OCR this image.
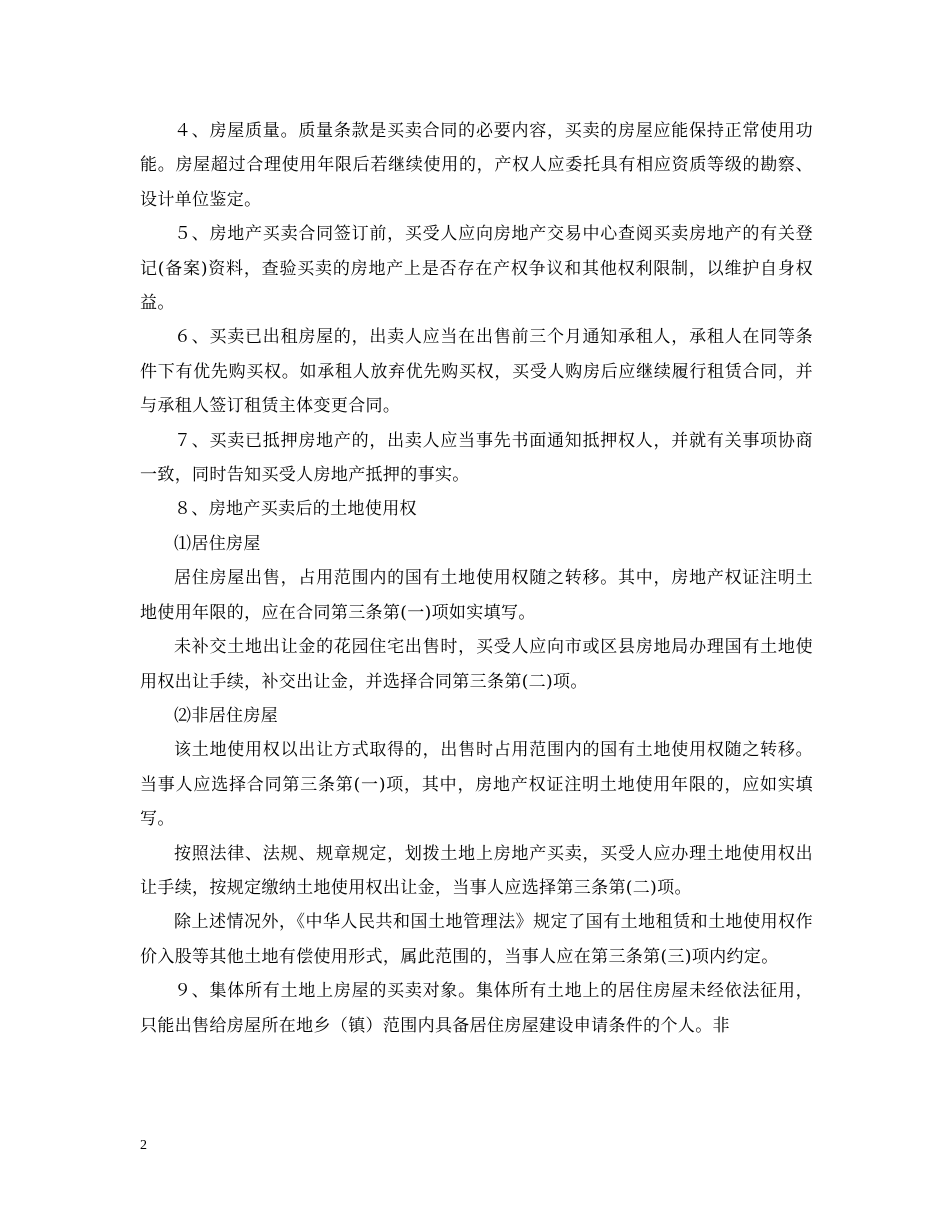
４、房屋质量。质量条款是买卖合同的必要内容，买卖的房屋应能保持正常使用功能。房屋超过合理使用年限后若继续使用的，产权人应委托具有相应资质等级的勘察、设计单位鉴定。

５、房地产买卖合同签订前，买受人应向房地产交易中心查阅买卖房地产的有关登记(备案)资料，查验买卖的房地产上是否存在产权争议和其他权利限制，以维护自身权益。

６、买卖已出租房屋的，出卖人应当在出售前三个月通知承租人，承租人在同等条件下有优先购买权。如承租人放弃优先购买权，买受人购房后应继续履行租赁合同，并与承租人签订租赁主体变更合同。

７、买卖已抵押房地产的，出卖人应当事先书面通知抵押权人，并就有关事项协商一致，同时告知买受人房地产抵押的事实。

８、房地产买卖后的土地使用权

⑴居住房屋

居住房屋出售，占用范围内的国有土地使用权随之转移。其中，房地产权证注明土地使用年限的，应在合同第三条第(一)项如实填写。

未补交土地出让金的花园住宅出售时，买受人应向市或区县房地局办理国有土地使用权出让手续，补交出让金，并选择合同第三条第(二)项。

⑵非居住房屋

该土地使用权以出让方式取得的，出售时占用范围内的国有土地使用权随之转移。当事人应选择合同第三条第(一)项，其中，房地产权证注明土地使用年限的，应如实填写。

按照法律、法规、规章规定，划拨土地上房地产买卖，买受人应办理土地使用权出让手续，按规定缴纳土地使用权出让金，当事人应选择第三条第(二)项。

除上述情况外，《中华人民共和国土地管理法》规定了国有土地租赁和土地使用权作价入股等其他土地有偿使用形式，属此范围的，当事人应在第三条第(三)项内约定。

９、集体所有土地上房屋的买卖对象。集体所有土地上的居住房屋未经依法征用，只能出售给房屋所在地乡（镇）范围内具备居住房屋建设申请条件的个人。非

2
